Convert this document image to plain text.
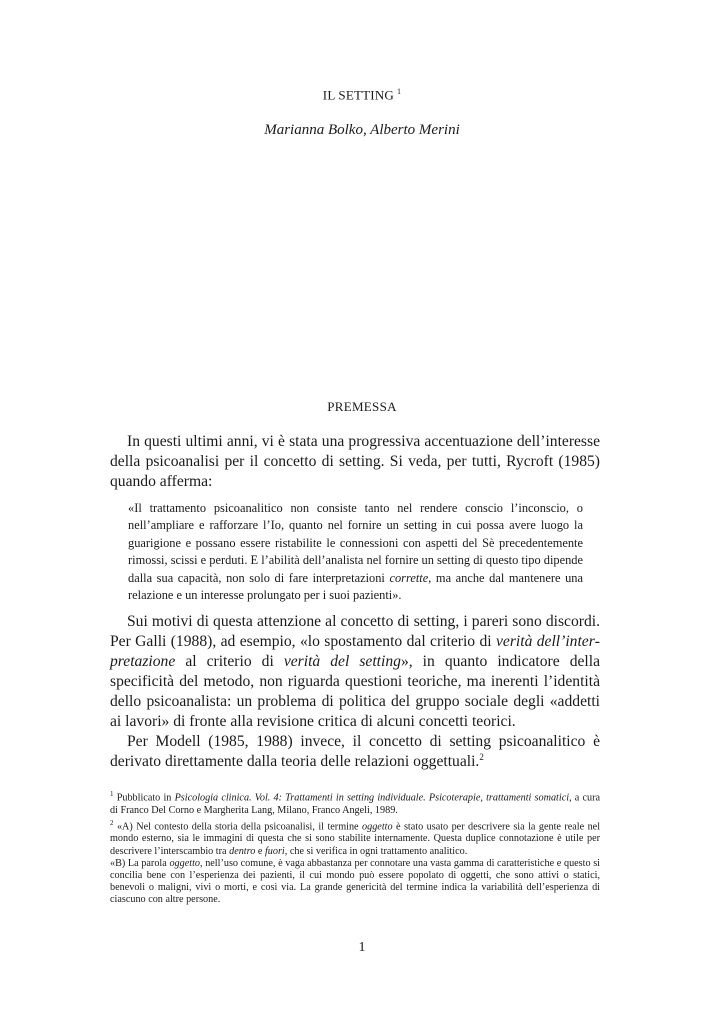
IL SETTING $^1$
Marianna Bolko, Alberto Merini
PREMESSA

In questi ultimi anni, vi è stata una progressiva accentuazione dell’interesse della psicoanalisi per il concetto di setting. Si veda, per tutti, Rycroft (1985) quando afferma:

«Il trattamento psicoanalitico non consiste tanto nel rendere conscio l’inconscio, o nell’ampliare e rafforzare l’Io, quanto nel fornire un setting in cui possa avere luogo la guarigione e possano essere ristabilite le connessioni con aspetti del Sè precedentemente rimossi, scissi e perduti. E l’abilità dell’analista nel fornire un setting di questo tipo dipende dalla sua capacità, non solo di fare interpretazioni corrette, ma anche dal mantenere una relazione e un interesse prolungato per i suoi pazienti».

Sui motivi di questa attenzione al concetto di setting, i pareri sono discordi. Per Galli (1988), ad esempio, «lo spostamento dal criterio di verità dell’interpretazione al criterio di verità del setting», in quanto indicatore della specificità del metodo, non riguarda questioni teoriche, ma inerenti l’identità dello psicoanalista: un problema di politica del gruppo sociale degli «addetti ai lavori» di fronte alla revisione critica di alcuni concetti teorici.

Per Modell (1985, 1988) invece, il concetto di setting psicoanalitico è derivato direttamente dalla teoria delle relazioni oggettuali.$^2$

$^1$ Pubblicato in Psicologia clinica. Vol. 4: Trattamenti in setting individuale. Psicoterapie, trattamenti somatici, a cura di Franco Del Corno e Margherita Lang, Milano, Franco Angeli, 1989.

$^2$ «A) Nel contesto della storia della psicoanalisi, il termine oggetto è stato usato per descrivere sia la gente reale nel mondo esterno, sia le immagini di questa che si sono stabilite internamente. Questa duplice connotazione è utile per descrivere l’interscambio tra dentro e fuori, che si verifica in ogni trattamento analitico.

«B) La parola oggetto, nell’uso comune, è vaga abbastanza per connotare una vasta gamma di caratteristiche e questo si concilia bene con l’esperienza dei pazienti, il cui mondo può essere popolato di oggetti, che sono attivi o statici, benevoli o maligni, vivi o morti, e così via. La grande genericità del termine indica la variabilità dell’esperienza di ciascuno con altre persone.

1
